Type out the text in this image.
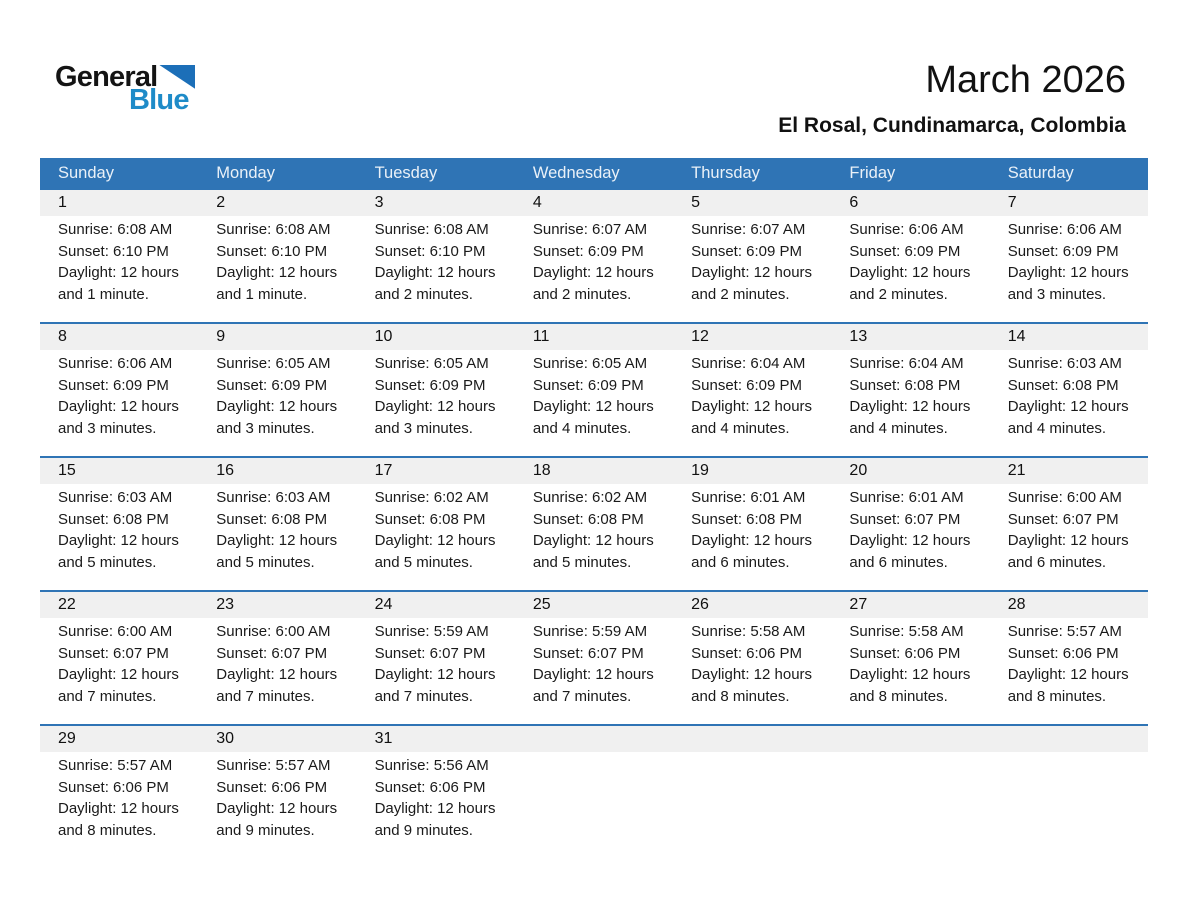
General
Blue	March 2026
El Rosal, Cundinamarca, Colombia
Sunday	Monday	Tuesday	Wednesday	Thursday	Friday	Saturday
1	2	3	4	5	6	7
Sunrise: 6:08 AM
Sunset: 6:10 PM
Daylight: 12 hours
and 1 minute.
Sunrise: 6:08 AM
Sunset: 6:10 PM
Daylight: 12 hours
and 1 minute.
Sunrise: 6:08 AM
Sunset: 6:10 PM
Daylight: 12 hours
and 2 minutes.
Sunrise: 6:07 AM
Sunset: 6:09 PM
Daylight: 12 hours
and 2 minutes.
Sunrise: 6:07 AM
Sunset: 6:09 PM
Daylight: 12 hours
and 2 minutes.
Sunrise: 6:06 AM
Sunset: 6:09 PM
Daylight: 12 hours
and 2 minutes.
Sunrise: 6:06 AM
Sunset: 6:09 PM
Daylight: 12 hours
and 3 minutes.
8	9	10	11	12	13	14
Sunrise: 6:06 AM
Sunset: 6:09 PM
Daylight: 12 hours
and 3 minutes.
Sunrise: 6:05 AM
Sunset: 6:09 PM
Daylight: 12 hours
and 3 minutes.
Sunrise: 6:05 AM
Sunset: 6:09 PM
Daylight: 12 hours
and 3 minutes.
Sunrise: 6:05 AM
Sunset: 6:09 PM
Daylight: 12 hours
and 4 minutes.
Sunrise: 6:04 AM
Sunset: 6:09 PM
Daylight: 12 hours
and 4 minutes.
Sunrise: 6:04 AM
Sunset: 6:08 PM
Daylight: 12 hours
and 4 minutes.
Sunrise: 6:03 AM
Sunset: 6:08 PM
Daylight: 12 hours
and 4 minutes.
15	16	17	18	19	20	21
Sunrise: 6:03 AM
Sunset: 6:08 PM
Daylight: 12 hours
and 5 minutes.
Sunrise: 6:03 AM
Sunset: 6:08 PM
Daylight: 12 hours
and 5 minutes.
Sunrise: 6:02 AM
Sunset: 6:08 PM
Daylight: 12 hours
and 5 minutes.
Sunrise: 6:02 AM
Sunset: 6:08 PM
Daylight: 12 hours
and 5 minutes.
Sunrise: 6:01 AM
Sunset: 6:08 PM
Daylight: 12 hours
and 6 minutes.
Sunrise: 6:01 AM
Sunset: 6:07 PM
Daylight: 12 hours
and 6 minutes.
Sunrise: 6:00 AM
Sunset: 6:07 PM
Daylight: 12 hours
and 6 minutes.
22	23	24	25	26	27	28
Sunrise: 6:00 AM
Sunset: 6:07 PM
Daylight: 12 hours
and 7 minutes.
Sunrise: 6:00 AM
Sunset: 6:07 PM
Daylight: 12 hours
and 7 minutes.
Sunrise: 5:59 AM
Sunset: 6:07 PM
Daylight: 12 hours
and 7 minutes.
Sunrise: 5:59 AM
Sunset: 6:07 PM
Daylight: 12 hours
and 7 minutes.
Sunrise: 5:58 AM
Sunset: 6:06 PM
Daylight: 12 hours
and 8 minutes.
Sunrise: 5:58 AM
Sunset: 6:06 PM
Daylight: 12 hours
and 8 minutes.
Sunrise: 5:57 AM
Sunset: 6:06 PM
Daylight: 12 hours
and 8 minutes.
29	30	31
Sunrise: 5:57 AM
Sunset: 6:06 PM
Daylight: 12 hours
and 8 minutes.
Sunrise: 5:57 AM
Sunset: 6:06 PM
Daylight: 12 hours
and 9 minutes.
Sunrise: 5:56 AM
Sunset: 6:06 PM
Daylight: 12 hours
and 9 minutes.
